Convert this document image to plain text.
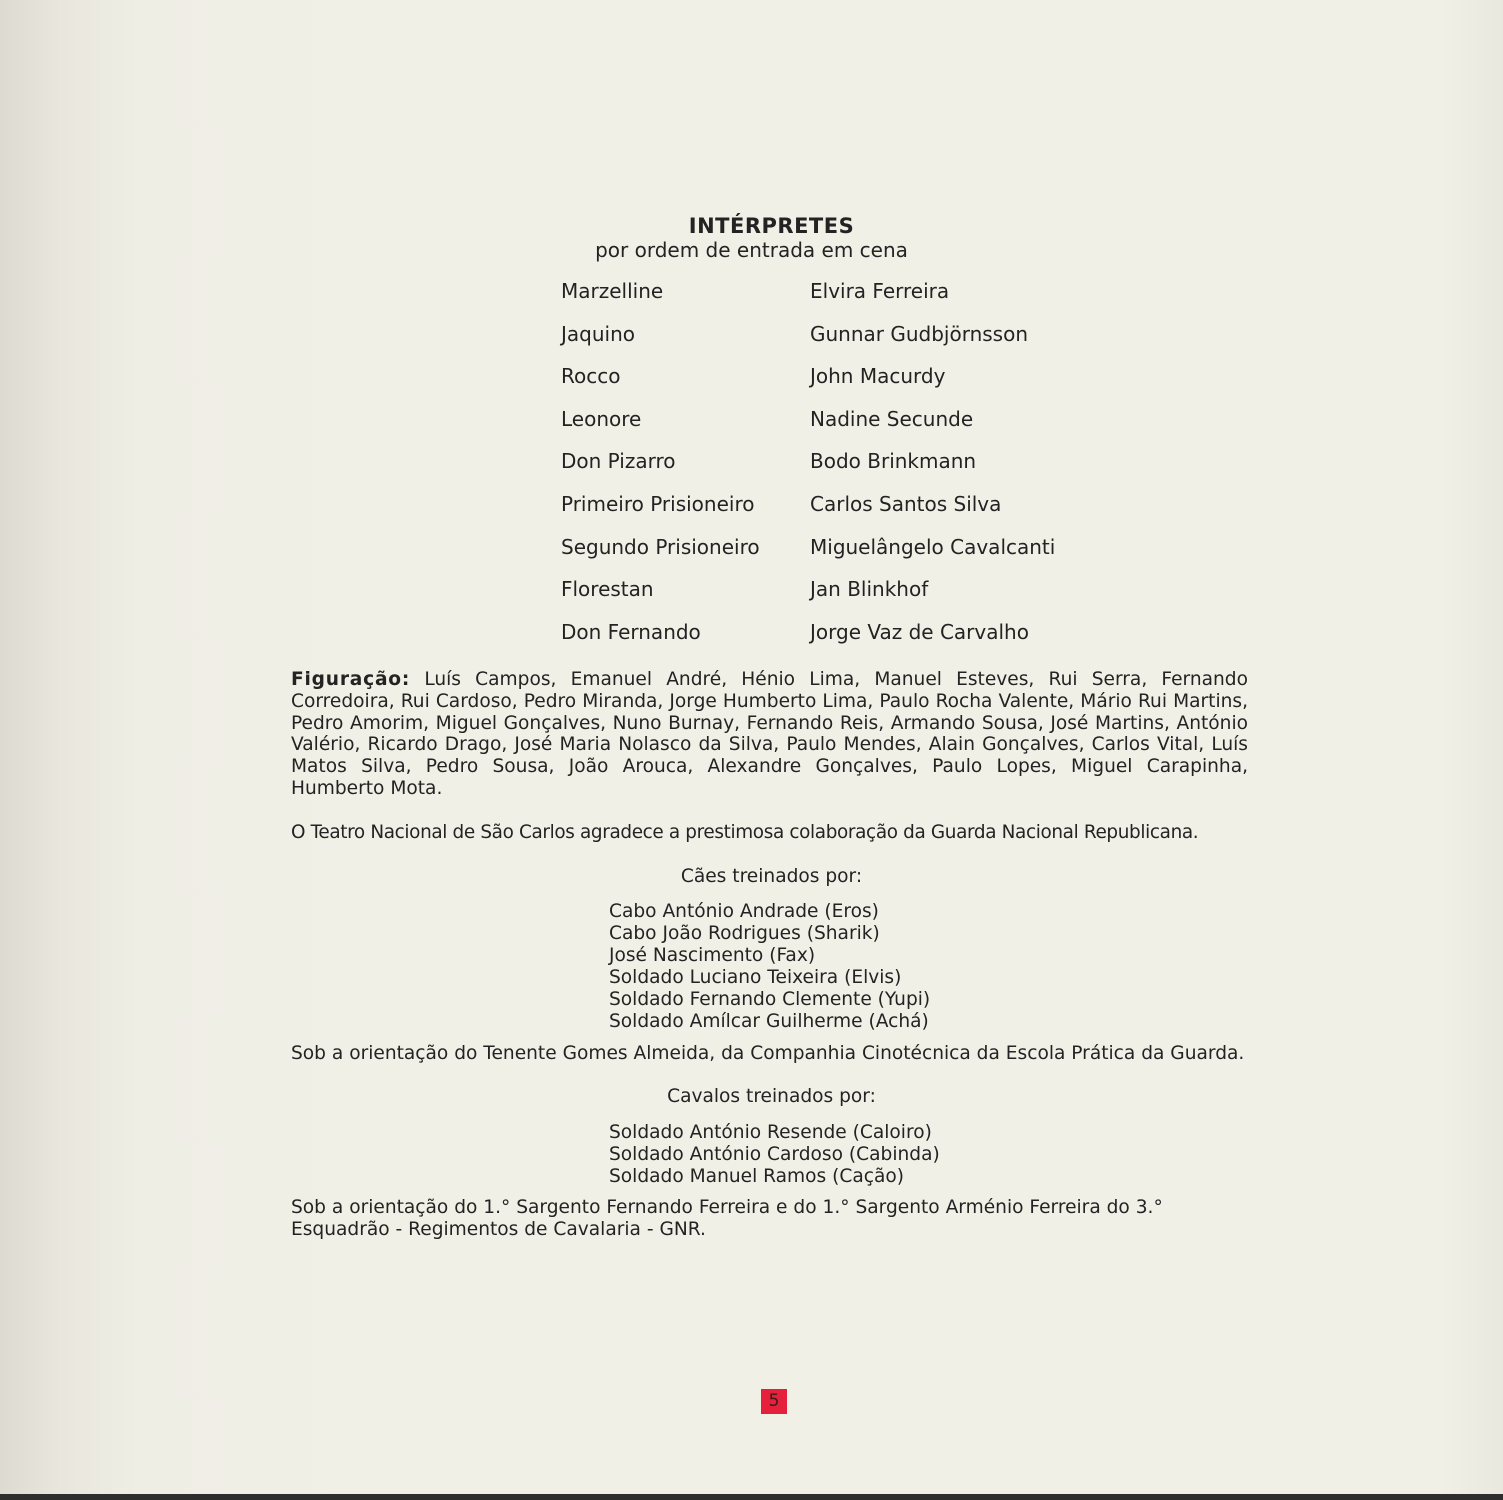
INTÉRPRETES
por ordem de entrada em cena
Marzelline	Elvira Ferreira
Jaquino	Gunnar Gudbjörnsson
Rocco	John Macurdy
Leonore	Nadine Secunde
Don Pizarro	Bodo Brinkmann
Primeiro Prisioneiro	Carlos Santos Silva
Segundo Prisioneiro	Miguelângelo Cavalcanti
Florestan	Jan Blinkhof
Don Fernando	Jorge Vaz de Carvalho
Figuração: Luís Campos, Emanuel André, Hénio Lima, Manuel Esteves, Rui Serra, Fernando Corredoira, Rui Cardoso, Pedro Miranda, Jorge Humberto Lima, Paulo Rocha Valente, Mário Rui Martins, Pedro Amorim, Miguel Gonçalves, Nuno Burnay, Fernando Reis, Armando Sousa, José Martins, António Valério, Ricardo Drago, José Maria Nolasco da Silva, Paulo Mendes, Alain Gonçalves, Carlos Vital, Luís Matos Silva, Pedro Sousa, João Arouca, Alexandre Gonçalves, Paulo Lopes, Miguel Carapinha, Humberto Mota.
O Teatro Nacional de São Carlos agradece a prestimosa colaboração da Guarda Nacional Republicana.
Cães treinados por:
Cabo António Andrade (Eros)
Cabo João Rodrigues (Sharik)
José Nascimento (Fax)
Soldado Luciano Teixeira (Elvis)
Soldado Fernando Clemente (Yupi)
Soldado Amílcar Guilherme (Achá)
Sob a orientação do Tenente Gomes Almeida, da Companhia Cinotécnica da Escola Prática da Guarda.
Cavalos treinados por:
Soldado António Resende (Caloiro)
Soldado António Cardoso (Cabinda)
Soldado Manuel Ramos (Cação)
Sob a orientação do 1.° Sargento Fernando Ferreira e do 1.° Sargento Arménio Ferreira do 3.° Esquadrão - Regimentos de Cavalaria - GNR.
5
